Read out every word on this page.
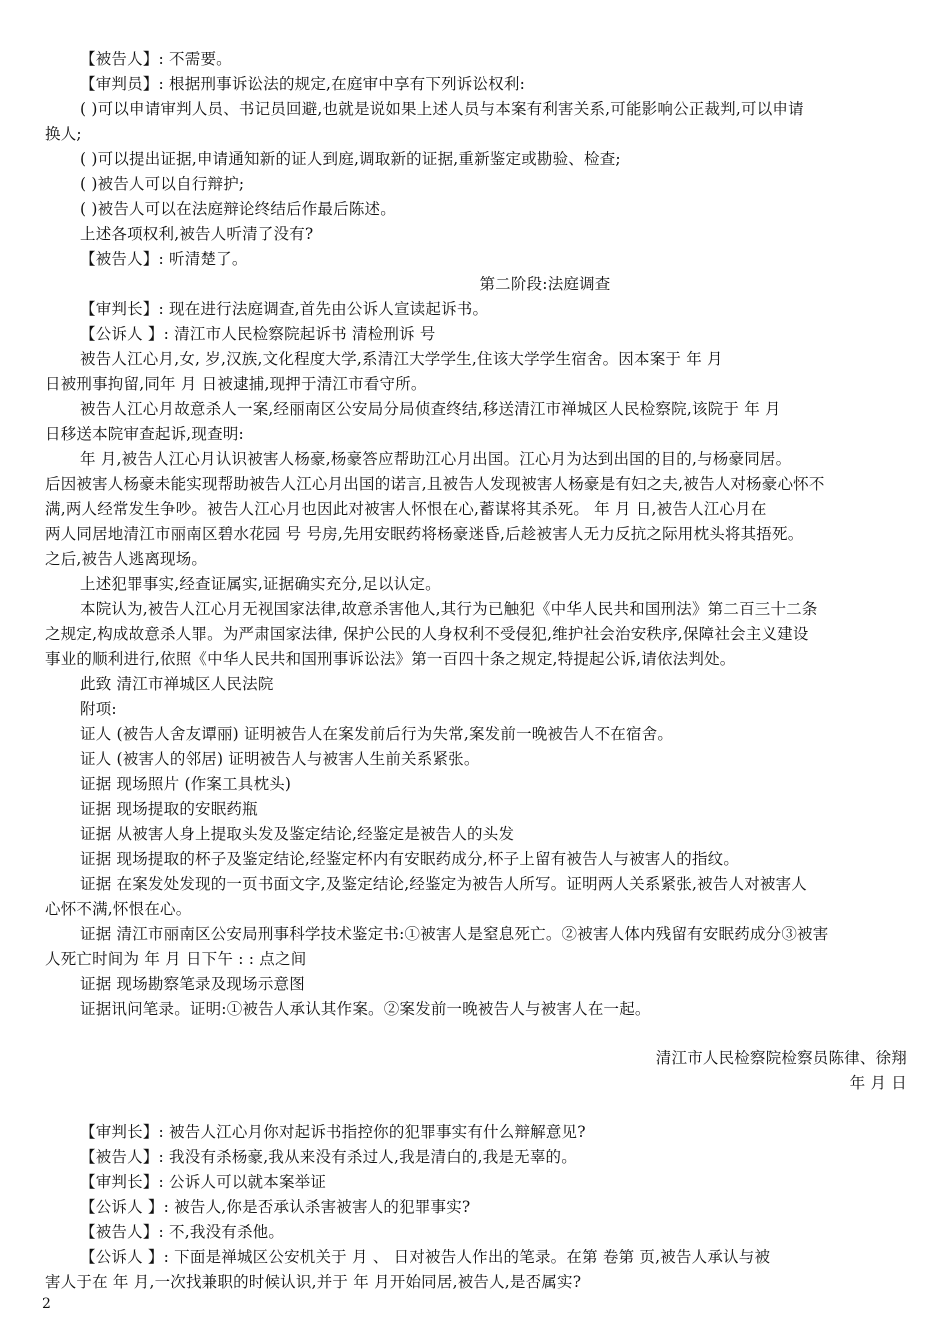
【被告人】: 不需要。
【审判员】: 根据刑事诉讼法的规定,在庭审中享有下列诉讼权利:
( )可以申请审判人员、书记员回避,也就是说如果上述人员与本案有利害关系,可能影响公正裁判,可以申请
换人;
( )可以提出证据,申请通知新的证人到庭,调取新的证据,重新鉴定或勘验、检查;
( )被告人可以自行辩护;
( )被告人可以在法庭辩论终结后作最后陈述。
上述各项权利,被告人听清了没有?
【被告人】: 听清楚了。
第二阶段:法庭调查
【审判长】: 现在进行法庭调查,首先由公诉人宣读起诉书。
【公诉人 】: 清江市人民检察院起诉书 清检刑诉 号
被告人江心月,女, 岁,汉族,文化程度大学,系清江大学学生,住该大学学生宿舍。因本案于 年 月
日被刑事拘留,同年 月 日被逮捕,现押于清江市看守所。
被告人江心月故意杀人一案,经丽南区公安局分局侦查终结,移送清江市禅城区人民检察院,该院于 年 月
日移送本院审查起诉,现查明:
年 月,被告人江心月认识被害人杨豪,杨豪答应帮助江心月出国。江心月为达到出国的目的,与杨豪同居。
后因被害人杨豪未能实现帮助被告人江心月出国的诺言,且被告人发现被害人杨豪是有妇之夫,被告人对杨豪心怀不
满,两人经常发生争吵。被告人江心月也因此对被害人怀恨在心,蓄谋将其杀死。 年 月 日,被告人江心月在
两人同居地清江市丽南区碧水花园 号 号房,先用安眠药将杨豪迷昏,后趁被害人无力反抗之际用枕头将其捂死。
之后,被告人逃离现场。
上述犯罪事实,经查证属实,证据确实充分,足以认定。
本院认为,被告人江心月无视国家法律,故意杀害他人,其行为已触犯《中华人民共和国刑法》第二百三十二条
之规定,构成故意杀人罪。为严肃国家法律, 保护公民的人身权利不受侵犯,维护社会治安秩序,保障社会主义建设
事业的顺利进行,依照《中华人民共和国刑事诉讼法》第一百四十条之规定,特提起公诉,请依法判处。
此致 清江市禅城区人民法院
附项:
证人 (被告人舍友谭丽) 证明被告人在案发前后行为失常,案发前一晚被告人不在宿舍。
证人 (被害人的邻居) 证明被告人与被害人生前关系紧张。
证据 现场照片 (作案工具枕头)
证据 现场提取的安眠药瓶
证据 从被害人身上提取头发及鉴定结论,经鉴定是被告人的头发
证据 现场提取的杯子及鉴定结论,经鉴定杯内有安眠药成分,杯子上留有被告人与被害人的指纹。
证据 在案发处发现的一页书面文字,及鉴定结论,经鉴定为被告人所写。证明两人关系紧张,被告人对被害人
心怀不满,怀恨在心。
证据 清江市丽南区公安局刑事科学技术鉴定书:①被害人是窒息死亡。②被害人体内残留有安眠药成分③被害
人死亡时间为 年 月 日下午 : : 点之间
证据 现场勘察笔录及现场示意图
证据讯问笔录。证明:①被告人承认其作案。②案发前一晚被告人与被害人在一起。
清江市人民检察院检察员陈律、徐翔
年 月 日
【审判长】: 被告人江心月你对起诉书指控你的犯罪事实有什么辩解意见?
【被告人】: 我没有杀杨豪,我从来没有杀过人,我是清白的,我是无辜的。
【审判长】: 公诉人可以就本案举证
【公诉人 】: 被告人,你是否承认杀害被害人的犯罪事实?
【被告人】: 不,我没有杀他。
【公诉人 】: 下面是禅城区公安机关于 月 、 日对被告人作出的笔录。在第 卷第 页,被告人承认与被
害人于在 年 月,一次找兼职的时候认识,并于 年 月开始同居,被告人,是否属实?
2
